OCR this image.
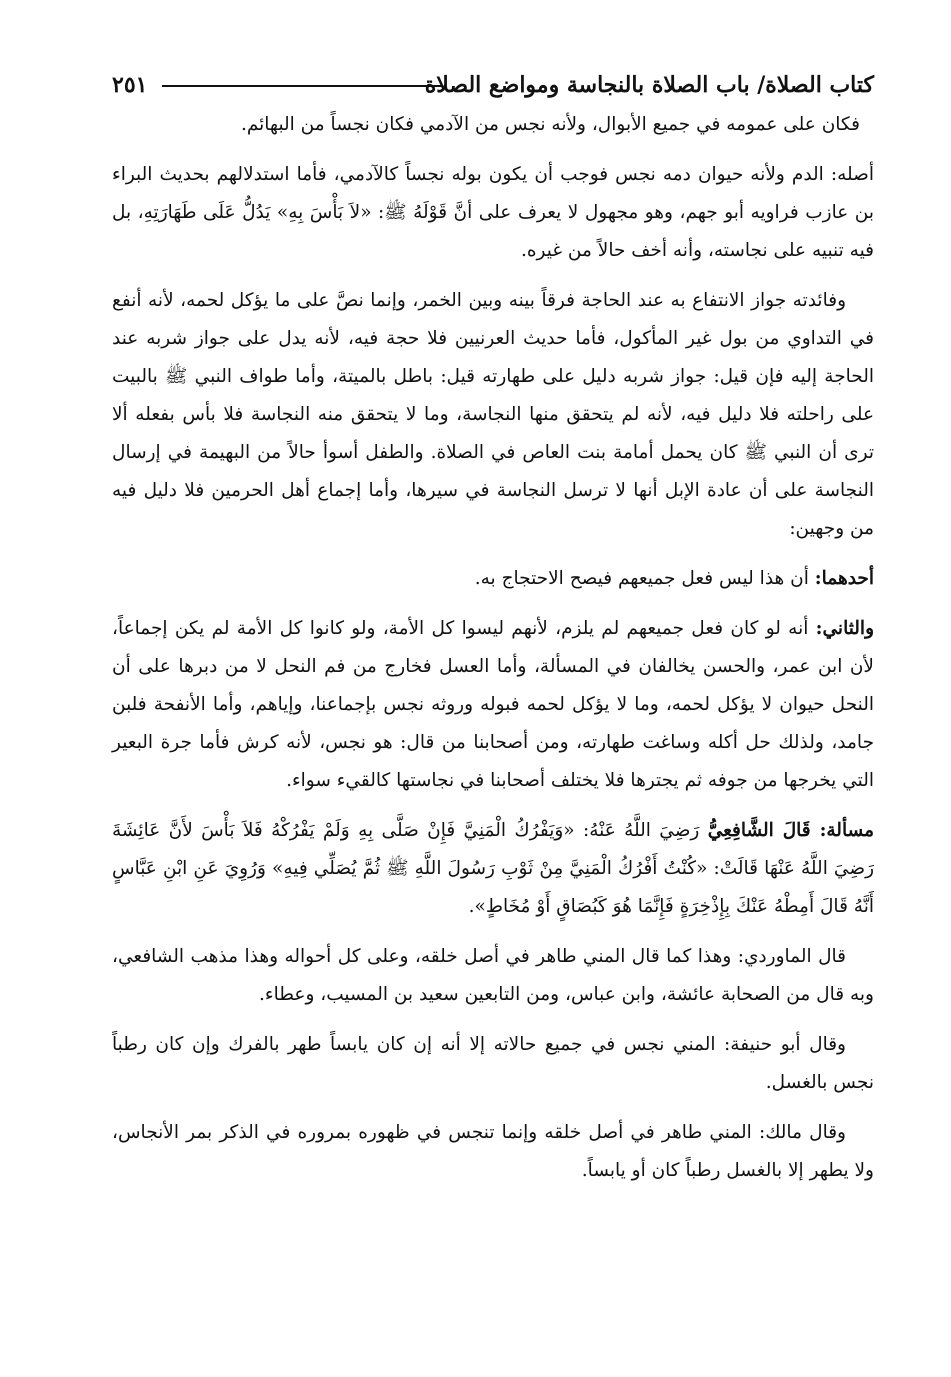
كتاب الصلاة/ باب الصلاة بالنجاسة ومواضع الصلاة
٢٥١

فكان على عمومه في جميع الأبوال، ولأنه نجس من الآدمي فكان نجساً من البهائم.

أصله: الدم ولأنه حيوان دمه نجس فوجب أن يكون بوله نجساً كالآدمي، فأما استدلالهم بحديث البراء بن عازب فراويه أبو جهم، وهو مجهول لا يعرف على أنَّ قَوْلَهُ ﷺ: «لاَ بَأْسَ بِهِ» يَدُلُّ عَلَى طَهَارَتِهِ، بل فيه تنبيه على نجاسته، وأنه أخف حالاً من غيره.

وفائدته جواز الانتفاع به عند الحاجة فرقاً بينه وبين الخمر، وإنما نصَّ على ما يؤكل لحمه، لأنه أنفع في التداوي من بول غير المأكول، فأما حديث العرنيين فلا حجة فيه، لأنه يدل على جواز شربه عند الحاجة إليه فإن قيل: جواز شربه دليل على طهارته قيل: باطل بالميتة، وأما طواف النبي ﷺ بالبيت على راحلته فلا دليل فيه، لأنه لم يتحقق منها النجاسة، وما لا يتحقق منه النجاسة فلا بأس بفعله ألا ترى أن النبي ﷺ كان يحمل أمامة بنت العاص في الصلاة. والطفل أسوأ حالاً من البهيمة في إرسال النجاسة على أن عادة الإبل أنها لا ترسل النجاسة في سيرها، وأما إجماع أهل الحرمين فلا دليل فيه من وجهين:

أحدهما: أن هذا ليس فعل جميعهم فيصح الاحتجاج به.

والثاني: أنه لو كان فعل جميعهم لم يلزم، لأنهم ليسوا كل الأمة، ولو كانوا كل الأمة لم يكن إجماعاً، لأن ابن عمر، والحسن يخالفان في المسألة، وأما العسل فخارج من فم النحل لا من دبرها على أن النحل حيوان لا يؤكل لحمه، وما لا يؤكل لحمه فبوله وروثه نجس بإجماعنا، وإياهم، وأما الأنفحة فلبن جامد، ولذلك حل أكله وساغت طهارته، ومن أصحابنا من قال: هو نجس، لأنه كرش فأما جرة البعير التي يخرجها من جوفه ثم يجترها فلا يختلف أصحابنا في نجاستها كالقيء سواء.

مسألة: قَالَ الشَّافِعِيُّ رَضِيَ اللَّهُ عَنْهُ: «وَيَفْرُكُ الْمَنِيَّ فَإِنْ صَلَّى بِهِ وَلَمْ يَفْرُكْهُ فَلاَ بَأْسَ لأَنَّ عَائِشَةَ رَضِيَ اللَّهُ عَنْهَا قَالَتْ: «كُنْتُ أَفْرُكُ الْمَنِيَّ مِنْ ثَوْبِ رَسُولَ اللَّهِ ﷺ ثُمَّ يُصَلِّي فِيهِ» وَرُوِيَ عَنِ ابْنِ عَبَّاسٍ أَنَّهُ قَالَ أَمِطْهُ عَنْكَ بِإِذْخِرَةٍ فَإِنَّمَا هُوَ كَبُصَاقٍ أَوْ مُخَاطٍ».

قال الماوردي: وهذا كما قال المني طاهر في أصل خلقه، وعلى كل أحواله وهذا مذهب الشافعي، وبه قال من الصحابة عائشة، وابن عباس، ومن التابعين سعيد بن المسيب، وعطاء.

وقال أبو حنيفة: المني نجس في جميع حالاته إلا أنه إن كان يابساً طهر بالفرك وإن كان رطباً نجس بالغسل.

وقال مالك: المني طاهر في أصل خلقه وإنما تنجس في ظهوره بمروره في الذكر بمر الأنجاس، ولا يطهر إلا بالغسل رطباً كان أو يابساً.
